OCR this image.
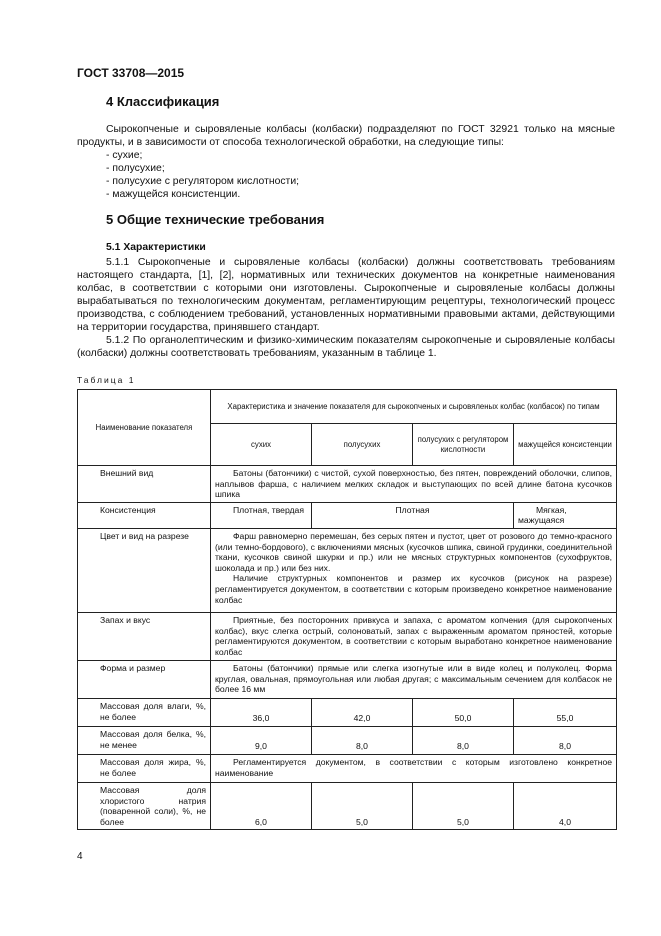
ГОСТ 33708—2015
4 Классификация
Сырокопченые и сыровяленые колбасы (колбаски) подразделяют по ГОСТ 32921 только на мясные продукты, и в зависимости от способа технологической обработки, на следующие типы:
- сухие;
- полусухие;
- полусухие с регулятором кислотности;
- мажущейся консистенции.
5 Общие технические требования
5.1 Характеристики
5.1.1 Сырокопченые и сыровяленые колбасы (колбаски) должны соответствовать требованиям настоящего стандарта, [1], [2], нормативных или технических документов на конкретные наименования колбас, в соответствии с которыми они изготовлены. Сырокопченые и сыровяленые колбасы должны вырабатываться по технологическим документам, регламентирующим рецептуры, технологический процесс производства, с соблюдением требований, установленных нормативными правовыми актами, действующими на территории государства, принявшего стандарт.
5.1.2 По органолептическим и физико-химическим показателям сырокопченые и сыровяленые колбасы (колбаски) должны соответствовать требованиям, указанным в таблице 1.
Таблица 1
Наименование показателя	Характеристика и значение показателя для сырокопченых и сыровяленых колбас (колбасок) по типам			
	сухих	полусухих	полусухих с регулятором кислотности	мажущейся консистенции
Внешний вид	Батоны (батончики) с чистой, сухой поверхностью, без пятен, повреждений оболочки, слипов, наплывов фарша, с наличием мелких складок и выступающих по всей длине батона кусочков шпика			
Консистенция	Плотная, твердая	Плотная		Мягкая, мажущаяся
Цвет и вид на разрезе	Фарш равномерно перемешан, без серых пятен и пустот, цвет от розового до темно-красного (или темно-бордового), с включениями мясных (кусочков шпика, свиной грудинки, соединительной ткани, кусочков свиной шкурки и пр.) или не мясных структурных компонентов (сухофруктов, шоколада и пр.) или без них.
Наличие структурных компонентов и размер их кусочков (рисунок на разрезе) регламентируется документом, в соответствии с которым произведено конкретное наименование колбас			

Запах и вкус	Приятные, без посторонних привкуса и запаха, с ароматом копчения (для сырокопченых колбас), вкус слегка острый, солоноватый, запах с выраженным ароматом пряностей, которые регламентируются документом, в соответствии с которым выработано конкретное наименование колбас			
Форма и размер	Батоны (батончики) прямые или слегка изогнутые или в виде колец и полуколец. Форма круглая, овальная, прямоугольная или любая другая; с максимальным сечением для колбасок не более 16 мм			
Массовая доля влаги, %, не более	36,0	42,0	50,0	55,0
Массовая доля белка, %, не менее	9,0	8,0	8,0	8,0
Массовая доля жира, %, не более	Регламентируется документом, в соответствии с которым изготовлено конкретное наименование			
Массовая доля хлористого натрия (поваренной соли), %, не более	6,0	5,0	5,0	4,0
4
